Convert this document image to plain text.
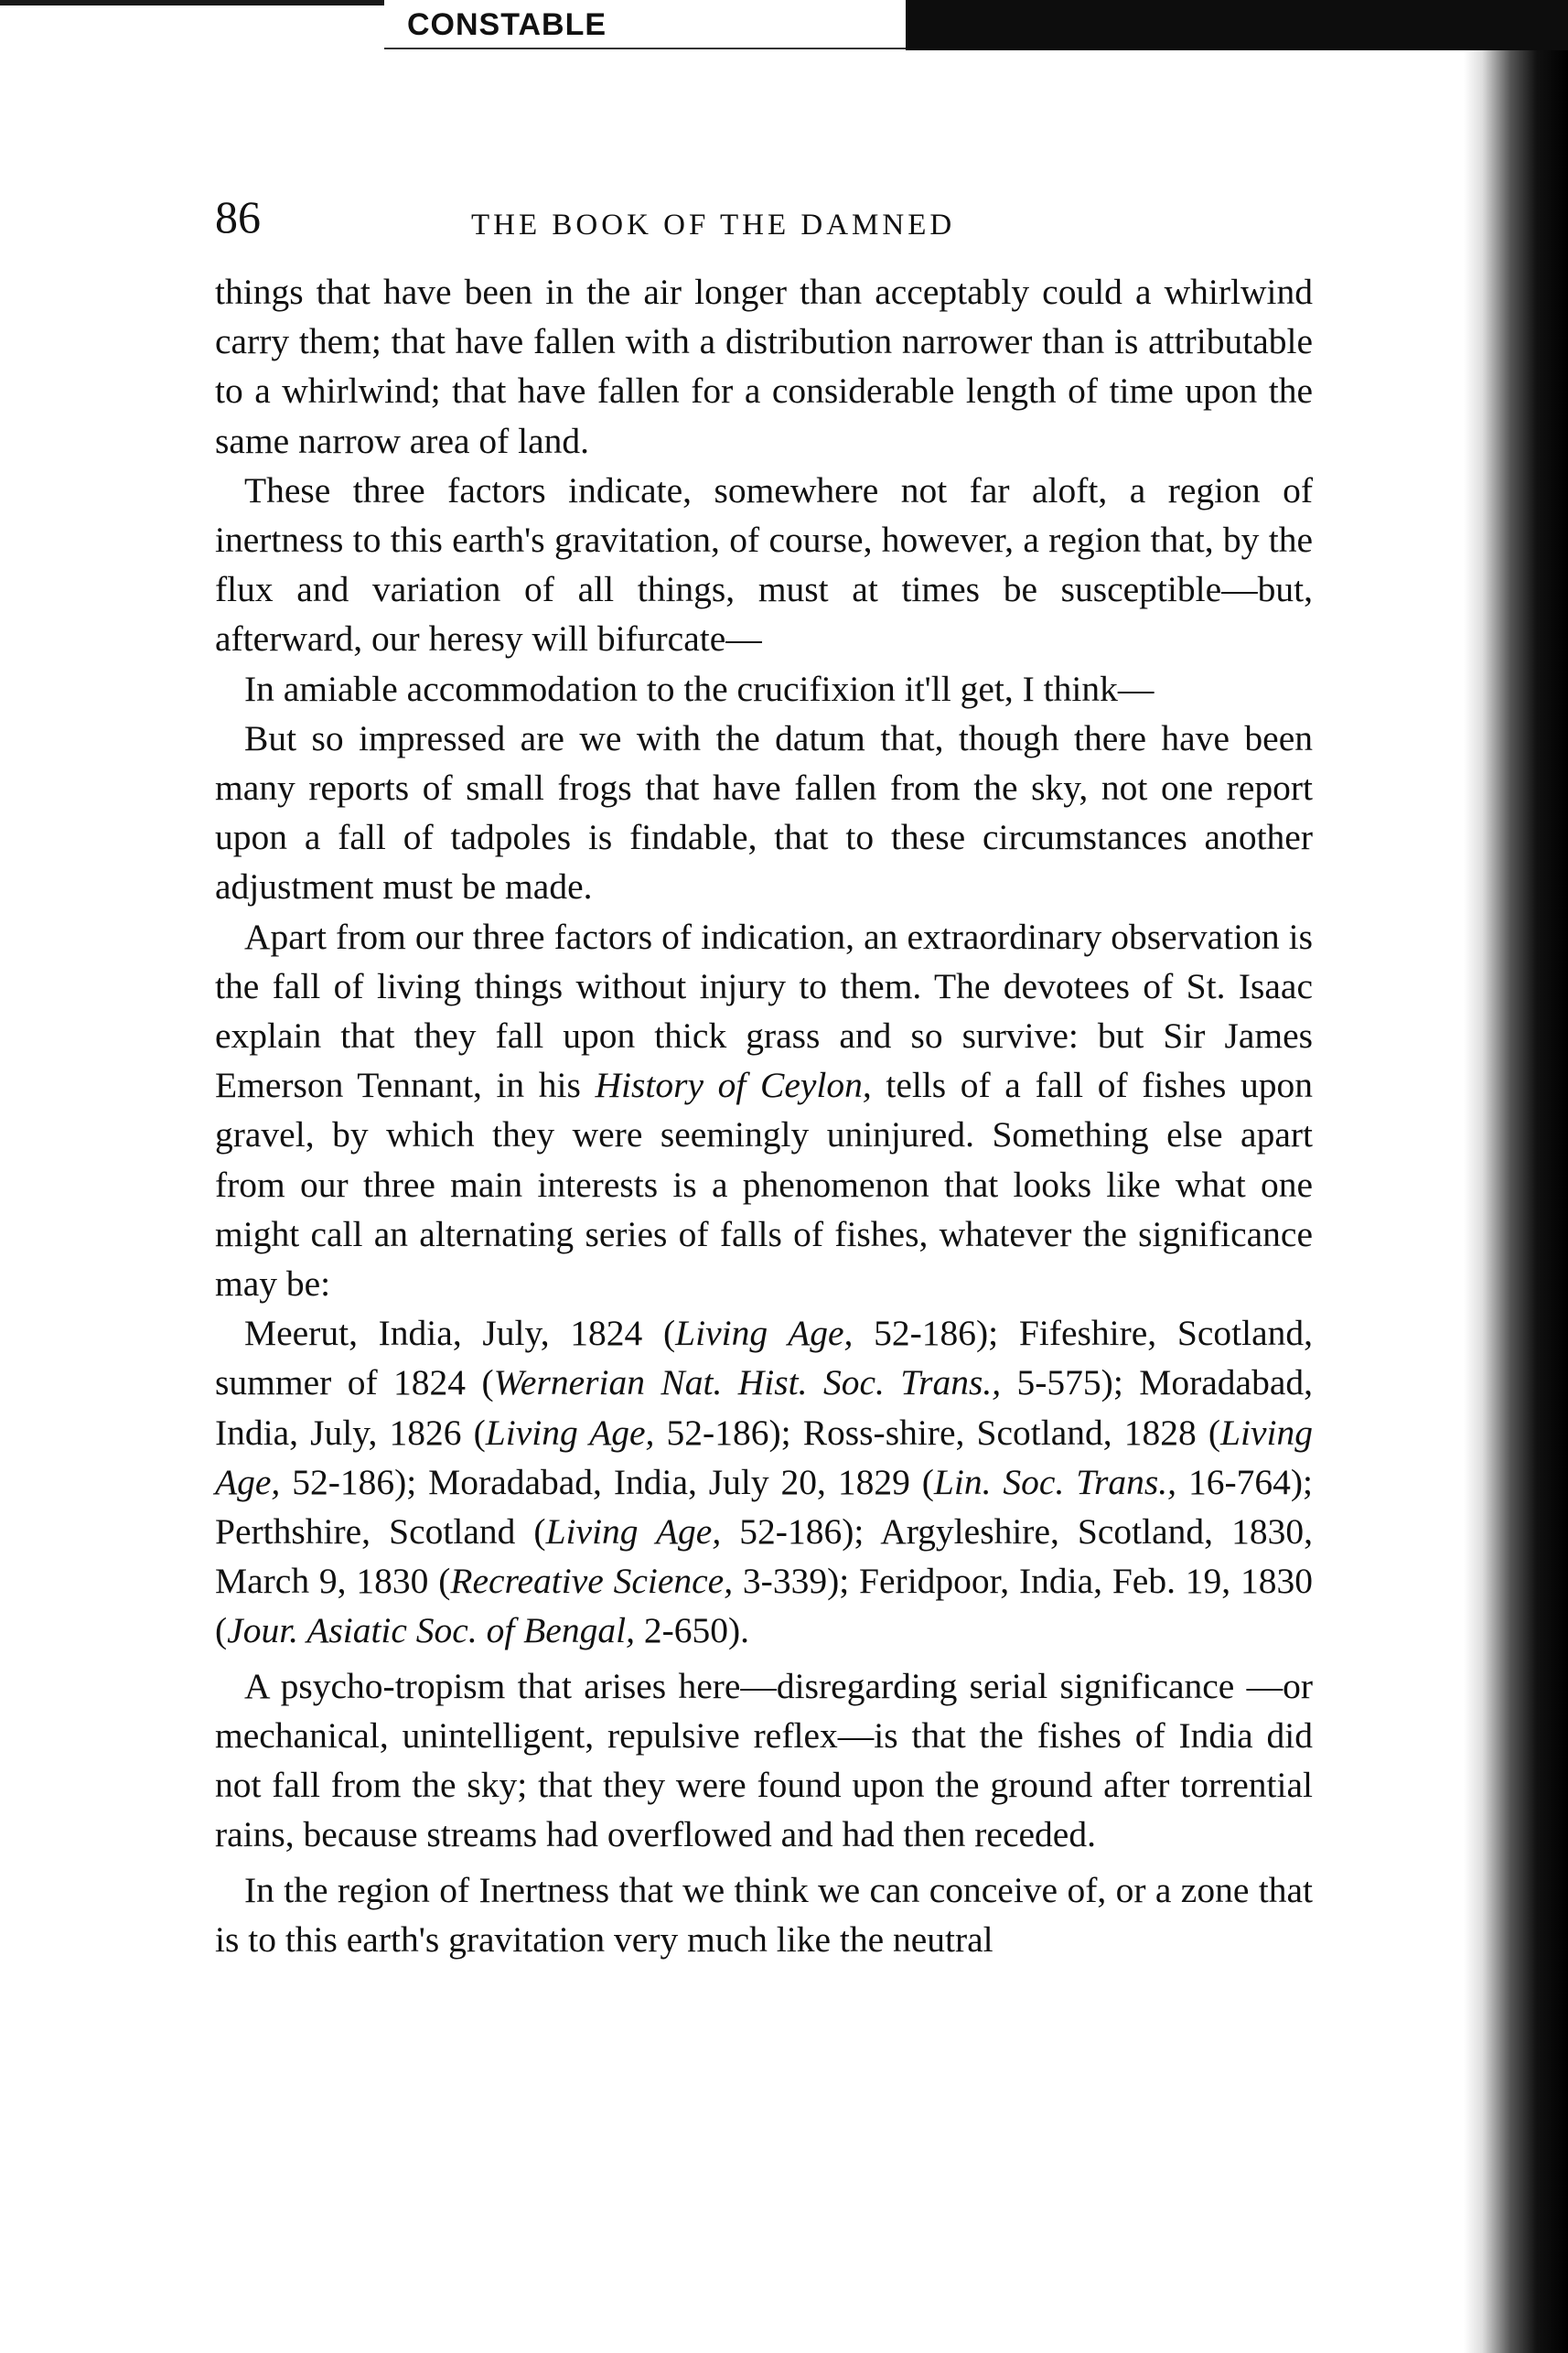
CONSTABLE
86	THE BOOK OF THE DAMNED

things that have been in the air longer than acceptably could a whirlwind carry them; that have fallen with a distribution narrower than is attributable to a whirlwind; that have fallen for a considerable length of time upon the same narrow area of land.

These three factors indicate, somewhere not far aloft, a region of inertness to this earth's gravitation, of course, however, a region that, by the flux and variation of all things, must at times be susceptible—but, afterward, our heresy will bifurcate—

In amiable accommodation to the crucifixion it'll get, I think—

But so impressed are we with the datum that, though there have been many reports of small frogs that have fallen from the sky, not one report upon a fall of tadpoles is findable, that to these circumstances another adjustment must be made.

Apart from our three factors of indication, an extraordinary observation is the fall of living things without injury to them. The devotees of St. Isaac explain that they fall upon thick grass and so survive: but Sir James Emerson Tennant, in his History of Ceylon, tells of a fall of fishes upon gravel, by which they were seemingly uninjured. Something else apart from our three main interests is a phenomenon that looks like what one might call an alternating series of falls of fishes, whatever the significance may be:

Meerut, India, July, 1824 (Living Age, 52-186); Fifeshire, Scotland, summer of 1824 (Wernerian Nat. Hist. Soc. Trans., 5-575); Moradabad, India, July, 1826 (Living Age, 52-186); Ross-shire, Scotland, 1828 (Living Age, 52-186); Moradabad, India, July 20, 1829 (Lin. Soc. Trans., 16-764); Perthshire, Scotland (Living Age, 52-186); Argyleshire, Scotland, 1830, March 9, 1830 (Recreative Science, 3-339); Feridpoor, India, Feb. 19, 1830 (Jour. Asiatic Soc. of Bengal, 2-650).

A psycho-tropism that arises here—disregarding serial significance —or mechanical, unintelligent, repulsive reflex—is that the fishes of India did not fall from the sky; that they were found upon the ground after torrential rains, because streams had overflowed and had then receded.

In the region of Inertness that we think we can conceive of, or a zone that is to this earth's gravitation very much like the neutral
